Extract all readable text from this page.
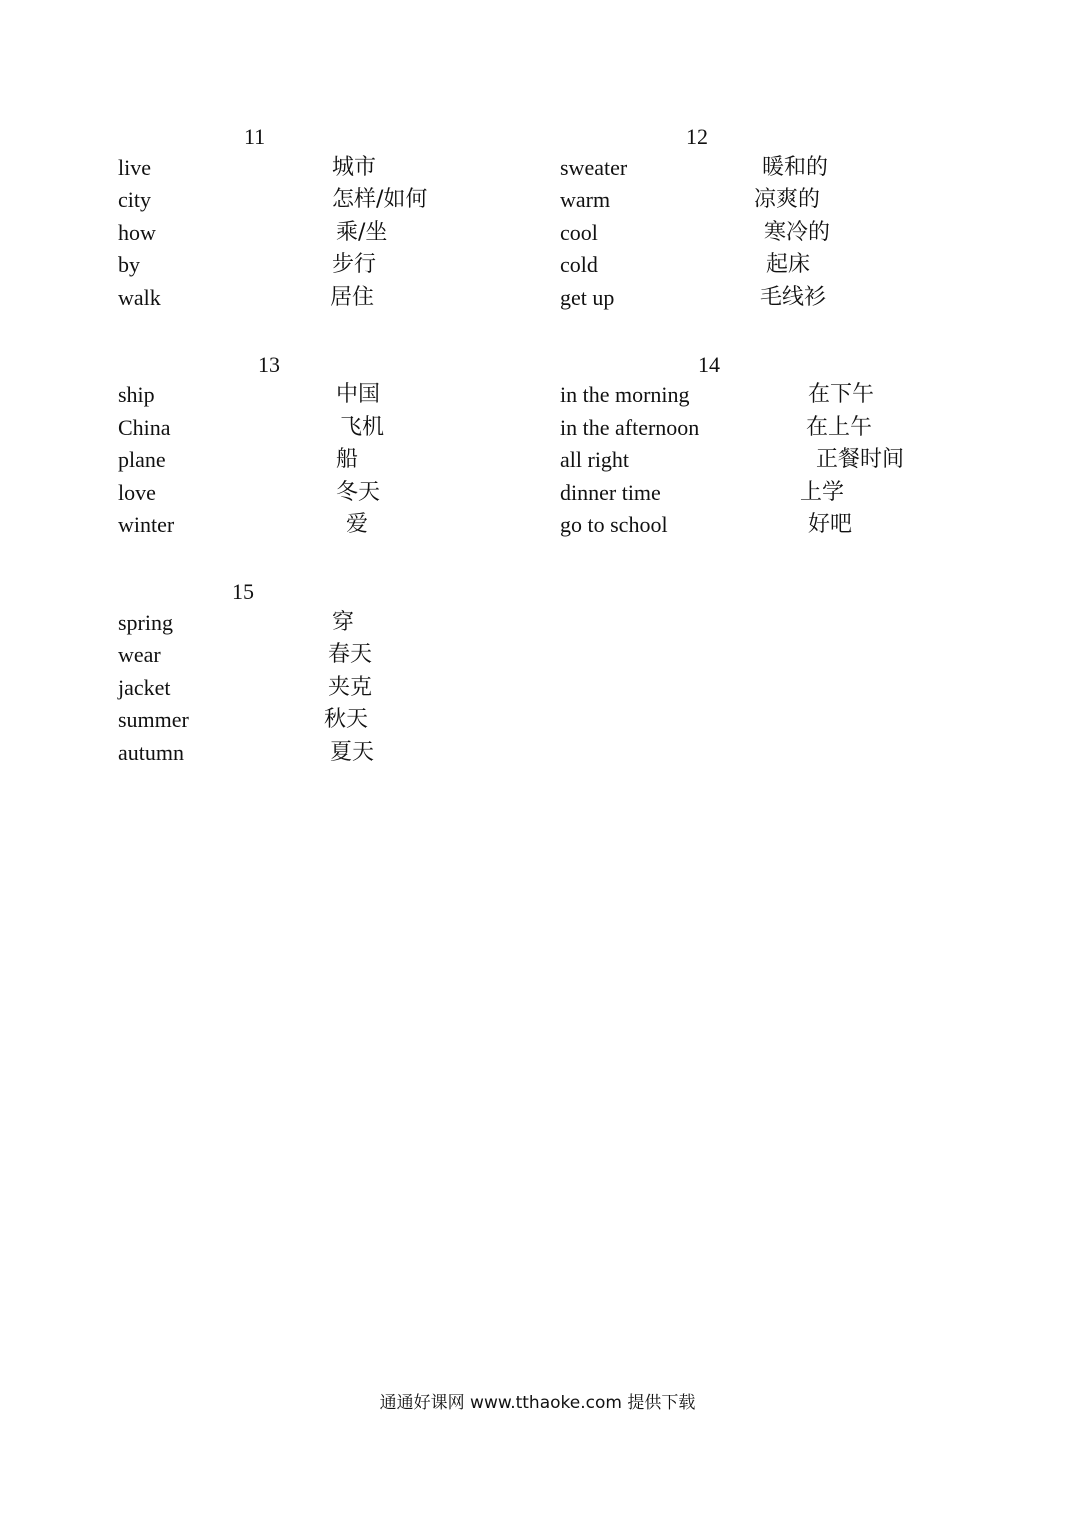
11
live	城市
city	怎样/如何
how	乘/坐
by	步行
walk	居住
12
sweater	暖和的
warm	凉爽的
cool	寒冷的
cold	起床
get up	毛线衫
13
ship	中国
China	飞机
plane	船
love	冬天
winter	爱
14
in the morning	在下午
in the afternoon	在上午
all right	正餐时间
dinner time	上学
go to school	好吧
15
spring	穿
wear	春天
jacket	夹克
summer	秋天
autumn	夏天
通通好课网 www.tthaoke.com 提供下载
